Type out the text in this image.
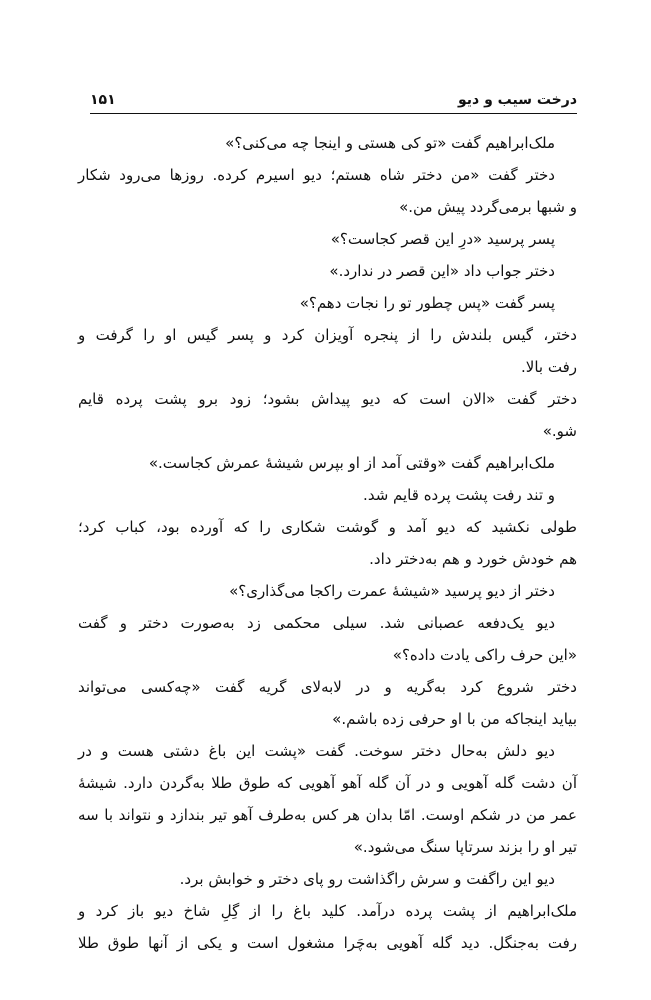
درخت سیب و دیو
۱۵۱
ملک‌ابراهیم گفت «تو کی هستی و اینجا چه می‌کنی؟»
دختر گفت «من دختر شاه هستم؛ دیو اسیرم کرده. روزها می‌رود شکار
و شبها برمی‌گردد پیش من.»
پسر پرسید «درِ این قصر کجاست؟»
دختر جواب داد «این قصر در ندارد.»
پسر گفت «پس چطور تو را نجات دهم؟»
دختر، گیس بلندش را از پنجره آویزان کرد و پسر گیس او را گرفت و
رفت بالا.
دختر گفت «الان است که دیو پیداش بشود؛ زود برو پشت پرده قایم
شو.»
ملک‌ابراهیم گفت «وقتی آمد از او بپرس شیشهٔ عمرش کجاست.»
و تند رفت پشت پرده قایم شد.
طولی نکشید که دیو آمد و گوشت شکاری را که آورده بود، کباب کرد؛
هم خودش خورد و هم به‌دختر داد.
دختر از دیو پرسید «شیشهٔ عمرت راکجا می‌گذاری؟»
دیو یک‌دفعه عصبانی شد. سیلی محکمی زد به‌صورت دختر و گفت
«این حرف راکی یادت داده؟»
دختر شروع کرد به‌گریه و در لابه‌لای گریه گفت «چه‌کسی می‌تواند
بیاید اینجاکه من با او حرفی زده باشم.»
دیو دلش به‌حال دختر سوخت. گفت «پشت این باغ دشتی هست و در
آن دشت گله آهویی و در آن گله آهو آهویی که طوق طلا به‌گردن دارد. شیشهٔ
عمر من در شکم اوست. امّا بدان هر کس به‌طرف آهو تیر بندازد و نتواند با سه
تیر او را بزند سرتاپا سنگ می‌شود.»
دیو این راگفت و سرش راگذاشت رو پای دختر و خوابش برد.
ملک‌ابراهیم از پشت پرده درآمد. کلید باغ را از گِلِ شاخ دیو باز کرد و
رفت به‌جنگل. دید گله آهویی به‌چَرا مشغول است و یکی از آنها طوق طلا
